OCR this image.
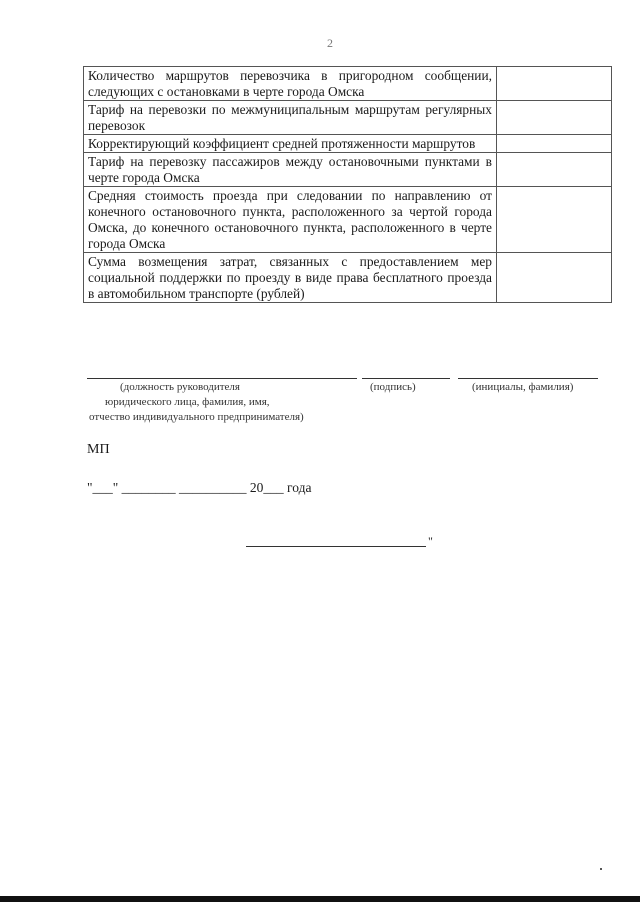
2
Количество маршрутов перевозчика в пригородном сообщении, следующих с остановками в черте города Омска	
Тариф на перевозки по межмуниципальным маршрутам регулярных перевозок	
Корректирующий коэффициент средней протяженности маршрутов	
Тариф на перевозку пассажиров между остановочными пунктами в черте города Омска	
Средняя стоимость проезда при следовании по направлению от конечного остановочного пункта, расположенного за чертой города Омска, до конечного остановочного пункта, расположенного в черте города Омска	
Сумма возмещения затрат, связанных с предоставлением мер социальной поддержки по проезду в виде права бесплатного проезда в автомобильном транспорте (рублей)	
(должность руководителя
юридического лица, фамилия, имя,
отчество индивидуального предпринимателя)
(подпись)	(инициалы, фамилия)
МП
"___" ________ __________ 20___ года
"
